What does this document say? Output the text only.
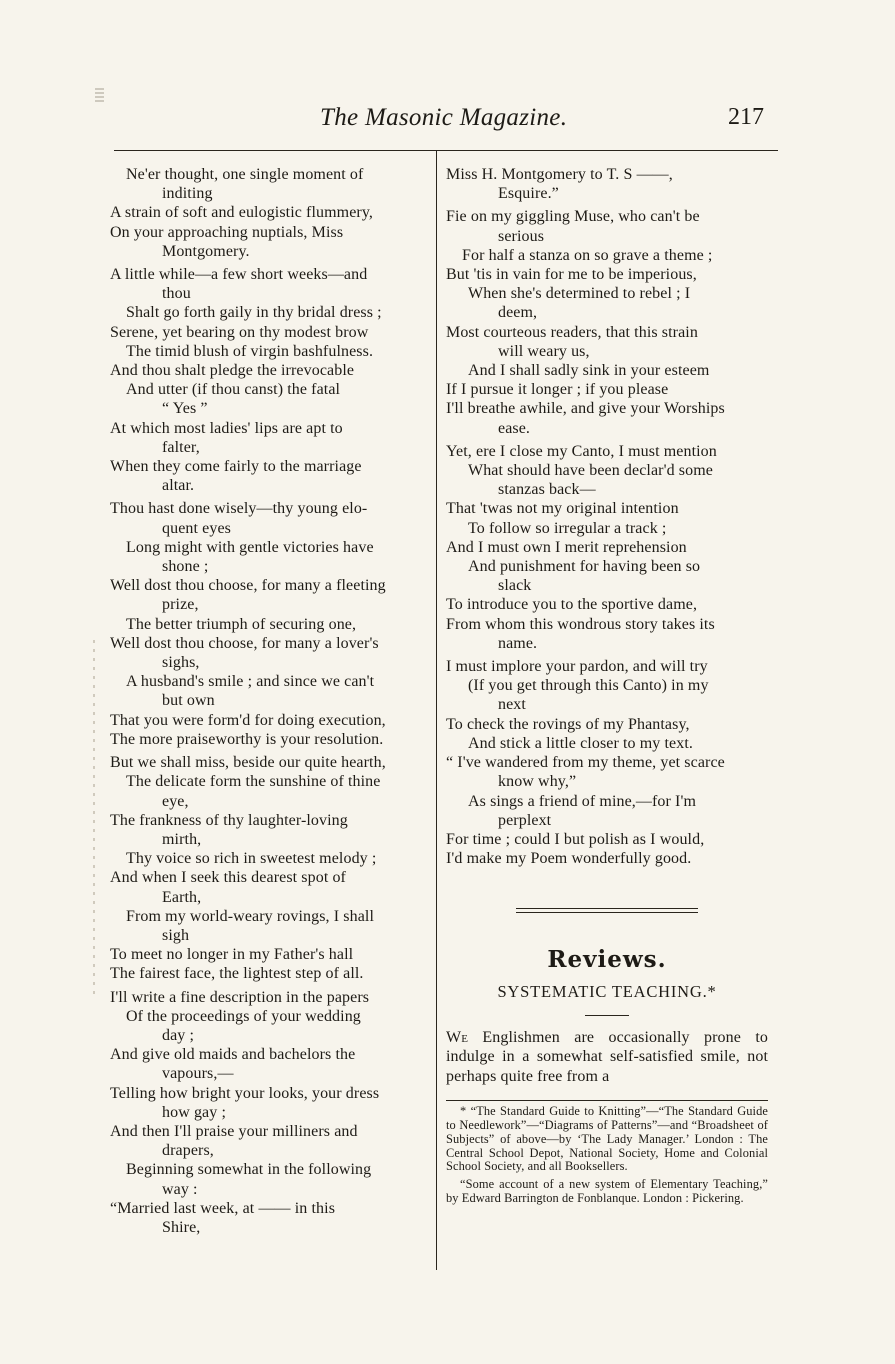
The Masonic Magazine.	217
Ne'er thought, one single moment of
inditing
A strain of soft and eulogistic flummery,
On your approaching nuptials, Miss
Montgomery.
A little while—a few short weeks—and
thou
Shalt go forth gaily in thy bridal dress ;
Serene, yet bearing on thy modest brow
The timid blush of virgin bashfulness.
And thou shalt pledge the irrevocable
And utter (if thou canst) the fatal
“ Yes ”
At which most ladies' lips are apt to
falter,
When they come fairly to the marriage
altar.
Thou hast done wisely—thy young elo-
quent eyes
Long might with gentle victories have
shone ;
Well dost thou choose, for many a fleeting
prize,
The better triumph of securing one,
Well dost thou choose, for many a lover's
sighs,
A husband's smile ; and since we can't
but own
That you were form'd for doing execution,
The more praiseworthy is your resolution.
But we shall miss, beside our quite hearth,
The delicate form the sunshine of thine
eye,
The frankness of thy laughter-loving
mirth,
Thy voice so rich in sweetest melody ;
And when I seek this dearest spot of
Earth,
From my world-weary rovings, I shall
sigh
To meet no longer in my Father's hall
The fairest face, the lightest step of all.
I'll write a fine description in the papers
Of the proceedings of your wedding
day ;
And give old maids and bachelors the
vapours,—
Telling how bright your looks, your dress
how gay ;
And then I'll praise your milliners and
drapers,
Beginning somewhat in the following
way :
“Married last week, at —— in this
Shire,
Miss H. Montgomery to T. S ——,
Esquire.”
Fie on my giggling Muse, who can't be
serious
For half a stanza on so grave a theme ;
But 'tis in vain for me to be imperious,
When she's determined to rebel ; I
deem,
Most courteous readers, that this strain
will weary us,
And I shall sadly sink in your esteem
If I pursue it longer ; if you please
I'll breathe awhile, and give your Worships
ease.
Yet, ere I close my Canto, I must mention
What should have been declar'd some
stanzas back—
That 'twas not my original intention
To follow so irregular a track ;
And I must own I merit reprehension
And punishment for having been so
slack
To introduce you to the sportive dame,
From whom this wondrous story takes its
name.
I must implore your pardon, and will try
(If you get through this Canto) in my
next
To check the rovings of my Phantasy,
And stick a little closer to my text.
“ I've wandered from my theme, yet scarce
know why,”
As sings a friend of mine,—for I'm
perplext
For time ; could I but polish as I would,
I'd make my Poem wonderfully good.
Reviews.
SYSTEMATIC TEACHING.*
We Englishmen are occasionally prone to indulge in a somewhat self-satisfied smile, not perhaps quite free from a
* “The Standard Guide to Knitting”—“The Standard Guide to Needlework”—“Diagrams of Patterns”—and “Broadsheet of Subjects” of above—by ‘The Lady Manager.’ London : The Central School Depot, National Society, Home and Colonial School Society, and all Booksellers.
“Some account of a new system of Elementary Teaching,” by Edward Barrington de Fonblanque. London : Pickering.
